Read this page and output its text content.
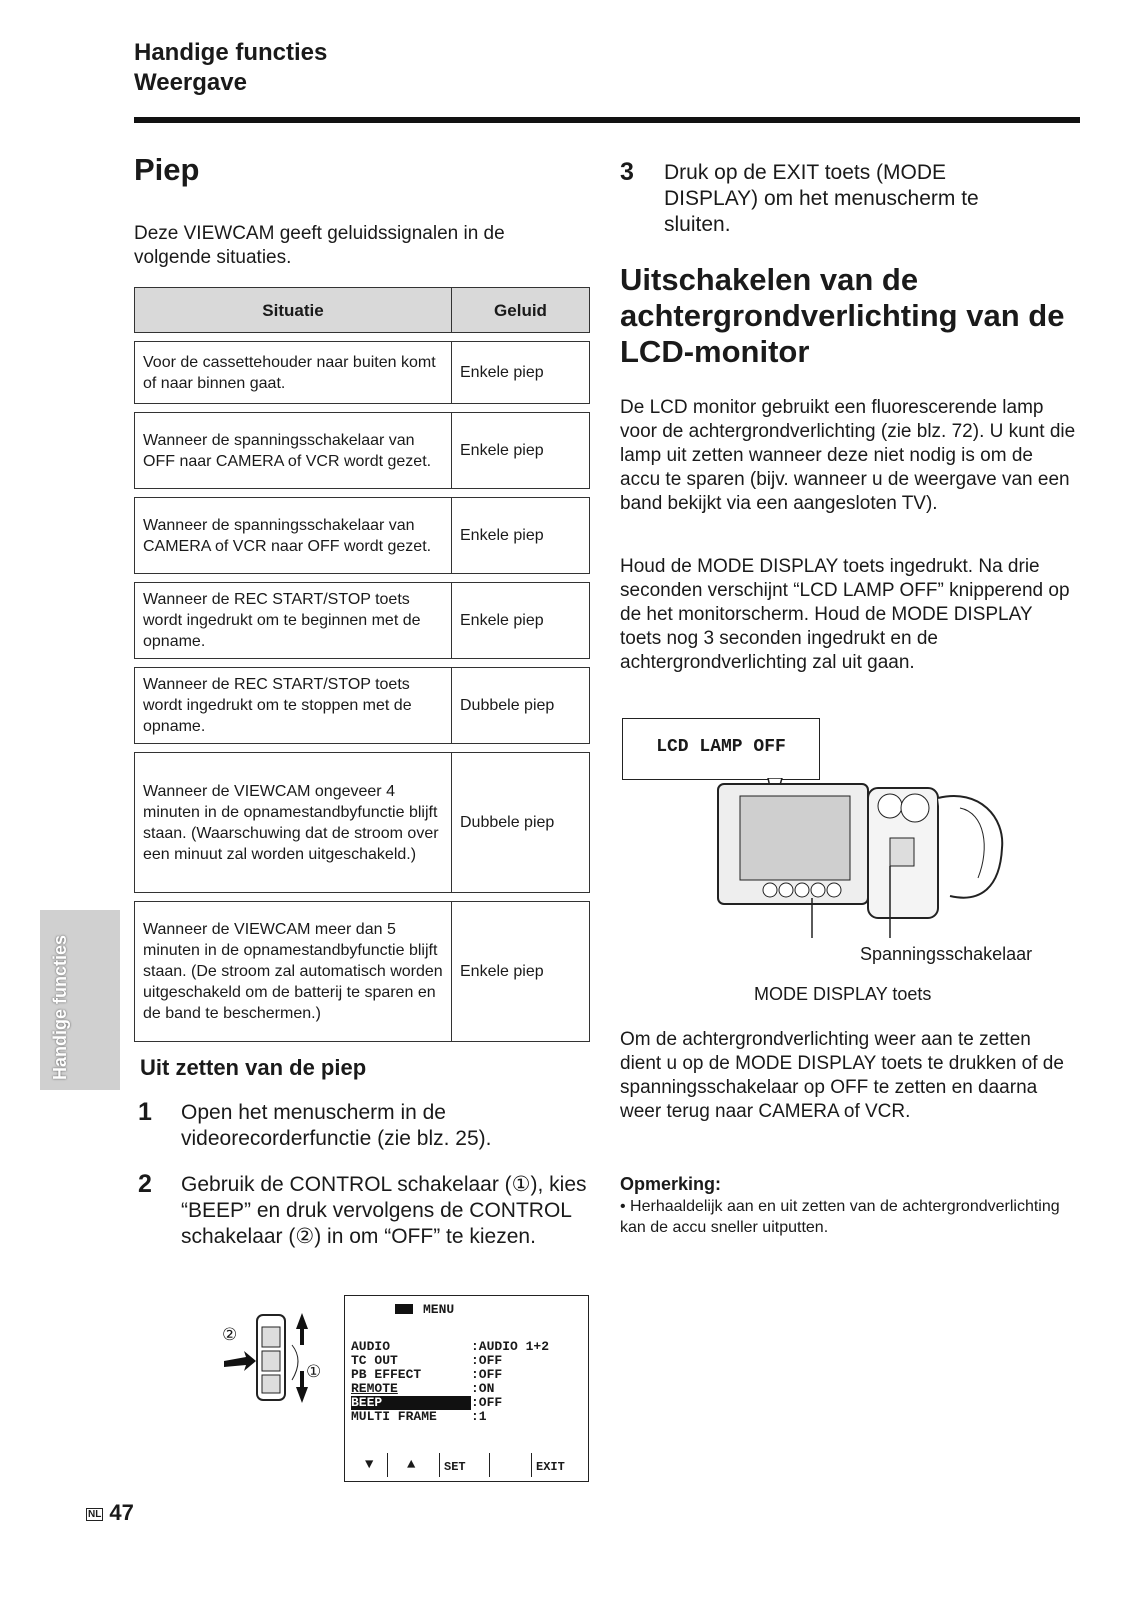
Handige functies
Weergave
Piep
Deze VIEWCAM geeft geluidssignalen in de volgende situaties.
Situatie	Geluid

Voor de cassettehouder naar buiten komt of naar binnen gaat.	Enkele piep

Wanneer de spanningsschakelaar van OFF naar CAMERA of VCR wordt gezet.	Enkele piep

Wanneer de spanningsschakelaar van CAMERA of VCR naar OFF wordt gezet.	Enkele piep

Wanneer de REC START/STOP toets wordt ingedrukt om te beginnen met de opname.	Enkele piep

Wanneer de REC START/STOP toets wordt ingedrukt om te stoppen met de opname.	Dubbele piep

Wanneer de VIEWCAM ongeveer 4 minuten in de opnamestandbyfunctie blijft staan. (Waarschuwing dat de stroom over een minuut zal worden uitgeschakeld.)	Dubbele piep

Wanneer de VIEWCAM meer dan 5 minuten in de opnamestandbyfunctie blijft staan. (De stroom zal automatisch worden uitgeschakeld om de batterij te sparen en de band te beschermen.)	Enkele piep
Handige functies	Uit zetten van de piep
1 Open het menuscherm in de videorecorderfunctie (zie blz. 25).
2 Gebruik de CONTROL schakelaar (①), kies “BEEP” en druk vervolgens de CONTROL schakelaar (②) in om “OFF” te kiezen.
②
①
MENU
AUDIO	:AUDIO 1+2
TC OUT	:OFF
PB EFFECT	:OFF
REMOTE	:ON
BEEP	:OFF
MULTI FRAME	:1
▼ ▲ SET	EXIT
NL 47
3 Druk op de EXIT toets (MODE DISPLAY) om het menuscherm te sluiten.
Uitschakelen van de achtergrondverlichting van de LCD-monitor
De LCD monitor gebruikt een fluorescerende lamp voor de achtergrondverlichting (zie blz. 72). U kunt die lamp uit zetten wanneer deze niet nodig is om de accu te sparen (bijv. wanneer u de weergave van een band bekijkt via een aangesloten TV).
Houd de MODE DISPLAY toets ingedrukt. Na drie seconden verschijnt “LCD LAMP OFF” knipperend op de het monitorscherm. Houd de MODE DISPLAY toets nog 3 seconden ingedrukt en de achtergrondverlichting zal uit gaan.
LCD LAMP OFF
Spanningsschakelaar
MODE DISPLAY toets
Om de achtergrondverlichting weer aan te zetten dient u op de MODE DISPLAY toets te drukken of de spanningsschakelaar op OFF te zetten en daarna weer terug naar CAMERA of VCR.
Opmerking:
• Herhaaldelijk aan en uit zetten van de achtergrondverlichting kan de accu sneller uitputten.
